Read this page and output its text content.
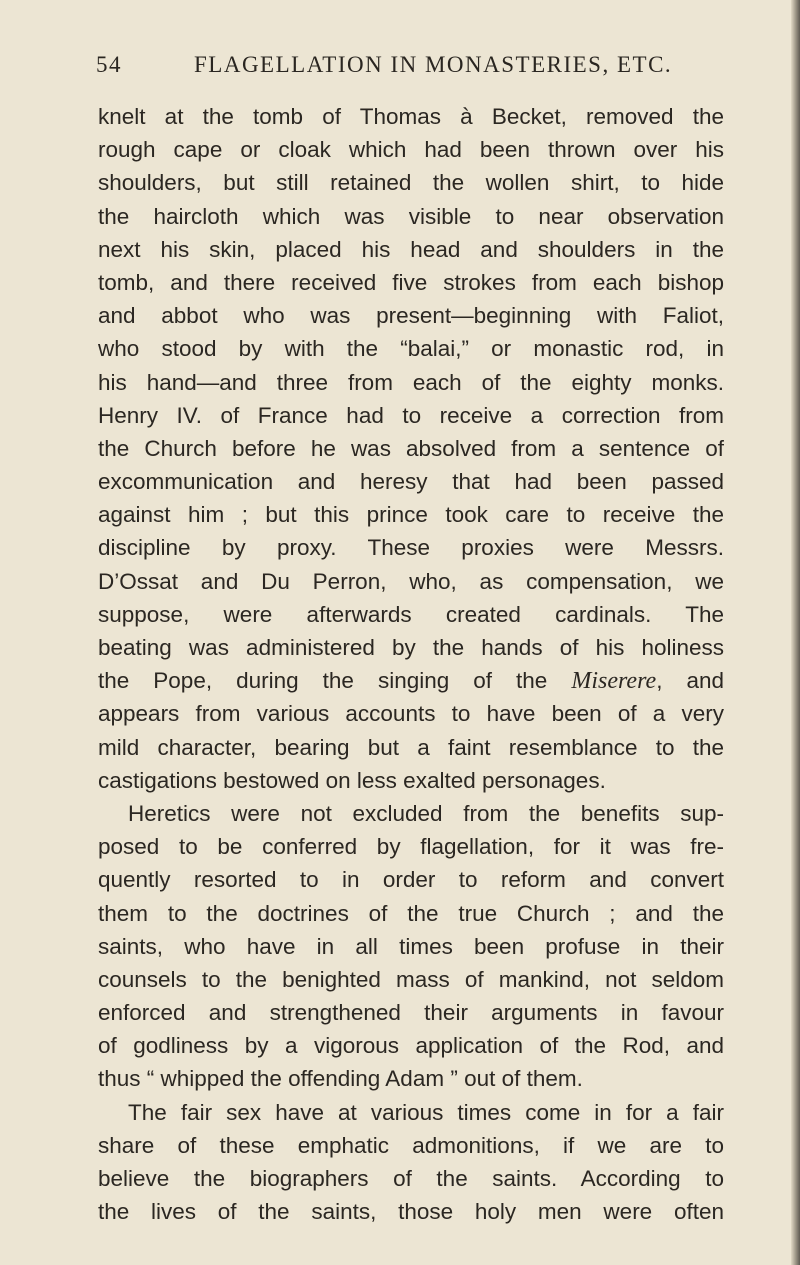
54	FLAGELLATION IN MONASTERIES, ETC.
knelt at the tomb of Thomas à Becket, removed the
rough cape or cloak which had been thrown over his
shoulders, but still retained the wollen shirt, to hide
the haircloth which was visible to near observation
next his skin, placed his head and shoulders in the
tomb, and there received five strokes from each bishop
and abbot who was present—beginning with Faliot,
who stood by with the “balai,” or monastic rod, in
his hand—and three from each of the eighty monks.
Henry IV. of France had to receive a correction from
the Church before he was absolved from a sentence of
excommunication and heresy that had been passed
against him ; but this prince took care to receive the
discipline by proxy. These proxies were Messrs.
D’Ossat and Du Perron, who, as compensation, we
suppose, were afterwards created cardinals. The
beating was administered by the hands of his holiness
the Pope, during the singing of the Miserere, and
appears from various accounts to have been of a very
mild character, bearing but a faint resemblance to the
castigations bestowed on less exalted personages.
Heretics were not excluded from the benefits sup-
posed to be conferred by flagellation, for it was fre-
quently resorted to in order to reform and convert
them to the doctrines of the true Church ; and the
saints, who have in all times been profuse in their
counsels to the benighted mass of mankind, not seldom
enforced and strengthened their arguments in favour
of godliness by a vigorous application of the Rod, and
thus “ whipped the offending Adam ” out of them.
The fair sex have at various times come in for a fair
share of these emphatic admonitions, if we are to
believe the biographers of the saints. According to
the lives of the saints, those holy men were often
